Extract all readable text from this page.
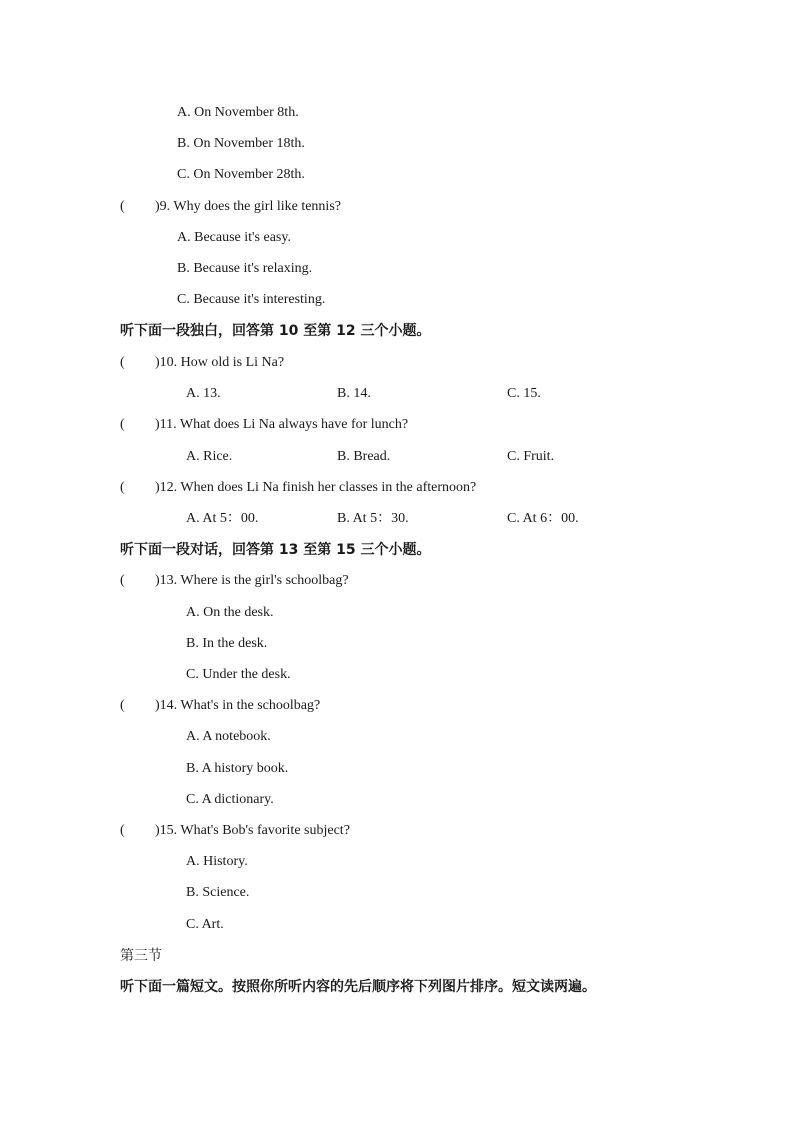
A. On November 8th.
B. On November 18th.
C. On November 28th.
( )9. Why does the girl like tennis?
A. Because it's easy.
B. Because it's relaxing.
C. Because it's interesting.
听下面一段独白，回答第 10 至第 12 三个小题。
( )10. How old is Li Na?
A. 13.	B. 14.	C. 15.
( )11. What does Li Na always have for lunch?
A. Rice.	B. Bread.	C. Fruit.
( )12. When does Li Na finish her classes in the afternoon?
A. At 5：00.	B. At 5：30.	C. At 6：00.
听下面一段对话，回答第 13 至第 15 三个小题。
( )13. Where is the girl's schoolbag?
A. On the desk.
B. In the desk.
C. Under the desk.
( )14. What's in the schoolbag?
A. A notebook.
B. A history book.
C. A dictionary.
( )15. What's Bob's favorite subject?
A. History.
B. Science.
C. Art.
第三节
听下面一篇短文。按照你所听内容的先后顺序将下列图片排序。短文读两遍。
